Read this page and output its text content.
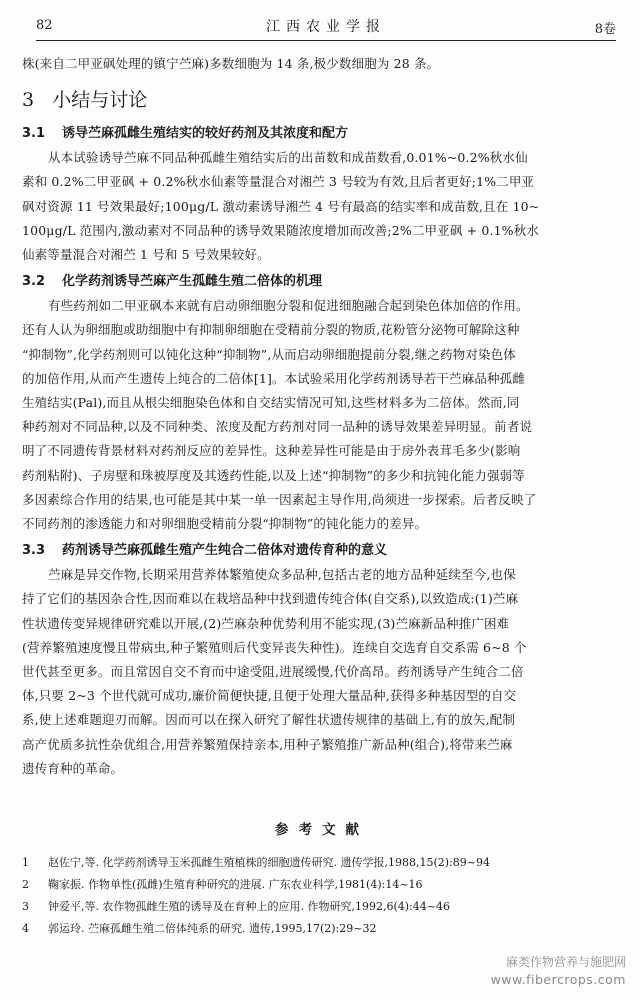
82	江西农业学报	8卷
株(来自二甲亚砜处理的镇宁苎麻)多数细胞为 14 条,极少数细胞为 28 条。
3 小结与讨论
3.1 诱导苎麻孤雌生殖结实的较好药剂及其浓度和配方
从本试验诱导苎麻不同品种孤雌生殖结实后的出苗数和成苗数看,0.01%~0.2%秋水仙
素和 0.2%二甲亚砜 + 0.2%秋水仙素等量混合对湘苎 3 号较为有效,且后者更好;1%二甲亚
砜对资源 11 号效果最好;100μg/L 激动素诱导湘苎 4 号有最高的结实率和成苗数,且在 10~
100μg/L 范围内,激动素对不同品种的诱导效果随浓度增加而改善;2%二甲亚砜 + 0.1%秋水
仙素等量混合对湘苎 1 号和 5 号效果较好。
3.2 化学药剂诱导苎麻产生孤雌生殖二倍体的机理
有些药剂如二甲亚砜本来就有启动卵细胞分裂和促进细胞融合起到染色体加倍的作用。
还有人认为卵细胞或助细胞中有抑制卵细胞在受精前分裂的物质,花粉管分泌物可解除这种
“抑制物”,化学药剂则可以钝化这种“抑制物”,从而启动卵细胞提前分裂,继之药物对染色体
的加倍作用,从而产生遗传上纯合的二倍体[1]。本试验采用化学药剂诱导若干苎麻品种孤雌
生殖结实(Pal),而且从根尖细胞染色体和自交结实情况可知,这些材料多为二倍体。然而,同
种药剂对不同品种,以及不同种类、浓度及配方药剂对同一品种的诱导效果差异明显。前者说
明了不同遗传背景材料对药剂反应的差异性。这种差异性可能是由于房外表茸毛多少(影响
药剂粘附)、子房壁和珠被厚度及其透药性能,以及上述“抑制物”的多少和抗钝化能力强弱等
多因素综合作用的结果,也可能是其中某一单一因素起主导作用,尚须进一步探索。后者反映了
不同药剂的渗透能力和对卵细胞受精前分裂“抑制物”的钝化能力的差异。
3.3 药剂诱导苎麻孤雌生殖产生纯合二倍体对遗传育种的意义
苎麻是异交作物,长期采用营养体繁殖使众多品种,包括古老的地方品种延续至今,也保
持了它们的基因杂合性,因而难以在栽培品种中找到遗传纯合体(自交系),以致造成:(1)苎麻
性状遗传变异规律研究难以开展,(2)苎麻杂种优势利用不能实现,(3)苎麻新品种推广困难
(营养繁殖速度慢且带病虫,种子繁殖则后代变异丧失种性)。连续自交选育自交系需 6~8 个
世代甚至更多。而且常因自交不育而中途受阻,进展缓慢,代价高昂。药剂诱导产生纯合二倍
体,只要 2~3 个世代就可成功,廉价简便快捷,且便于处理大量品种,获得多种基因型的自交
系,使上述难题迎刃而解。因而可以在探入研究了解性状遗传规律的基础上,有的放矢,配制
高产优质多抗性杂优组合,用营养繁殖保持亲本,用种子繁殖推广新品种(组合),将带来苎麻
遗传育种的革命。
参考文献
1 赵佐宁,等. 化学药剂诱导玉米孤雌生殖植株的细胞遗传研究. 遗传学报,1988,15(2):89~94
2 鞠家振. 作物单性(孤雌)生殖育种研究的进展. 广东农业科学,1981(4):14~16
3 钟爱平,等. 农作物孤雌生殖的诱导及在育种上的应用. 作物研究,1992,6(4):44~46
4 郭运玲. 苎麻孤雌生殖二倍体纯系的研究. 遗传,1995,17(2):29~32
麻类作物营养与施肥网
www.fibercrops.com
